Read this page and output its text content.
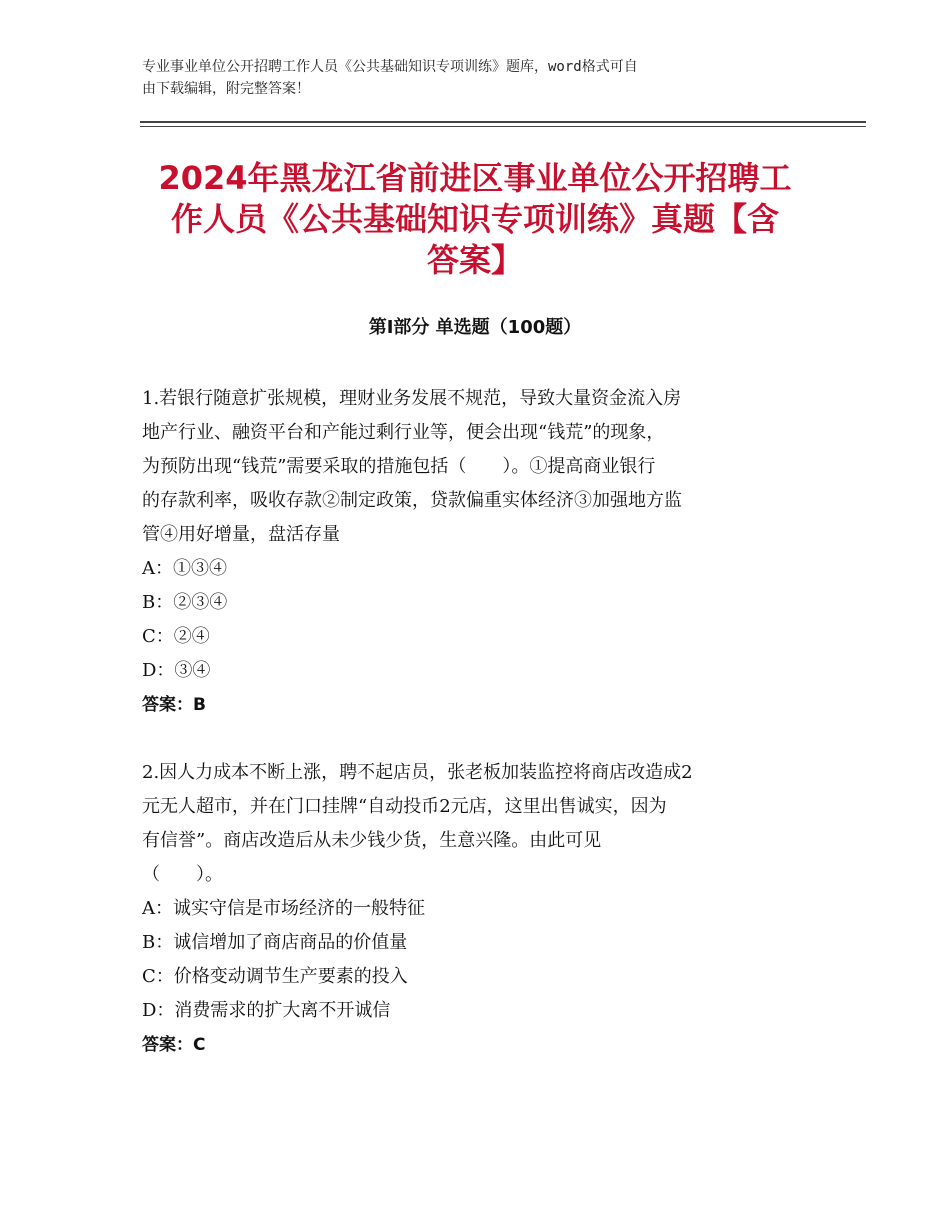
专业事业单位公开招聘工作人员《公共基础知识专项训练》题库，word格式可自
由下载编辑，附完整答案！
2024年黑龙江省前进区事业单位公开招聘工
作人员《公共基础知识专项训练》真题【含
答案】
第Ⅰ部分 单选题（100题）

1.若银行随意扩张规模，理财业务发展不规范，导致大量资金流入房

地产行业、融资平台和产能过剩行业等，便会出现“钱荒”的现象，

为预防出现“钱荒”需要采取的措施包括（　　）。①提高商业银行

的存款利率，吸收存款②制定政策，贷款偏重实体经济③加强地方监

管④用好增量，盘活存量

A：①③④

B：②③④

C：②④

D：③④

答案：B

2.因人力成本不断上涨，聘不起店员，张老板加装监控将商店改造成2

元无人超市，并在门口挂牌“自动投币2元店，这里出售诚实，因为

有信誉”。商店改造后从未少钱少货，生意兴隆。由此可见

（　　）。

A：诚实守信是市场经济的一般特征

B：诚信增加了商店商品的价值量

C：价格变动调节生产要素的投入

D：消费需求的扩大离不开诚信

答案：C
